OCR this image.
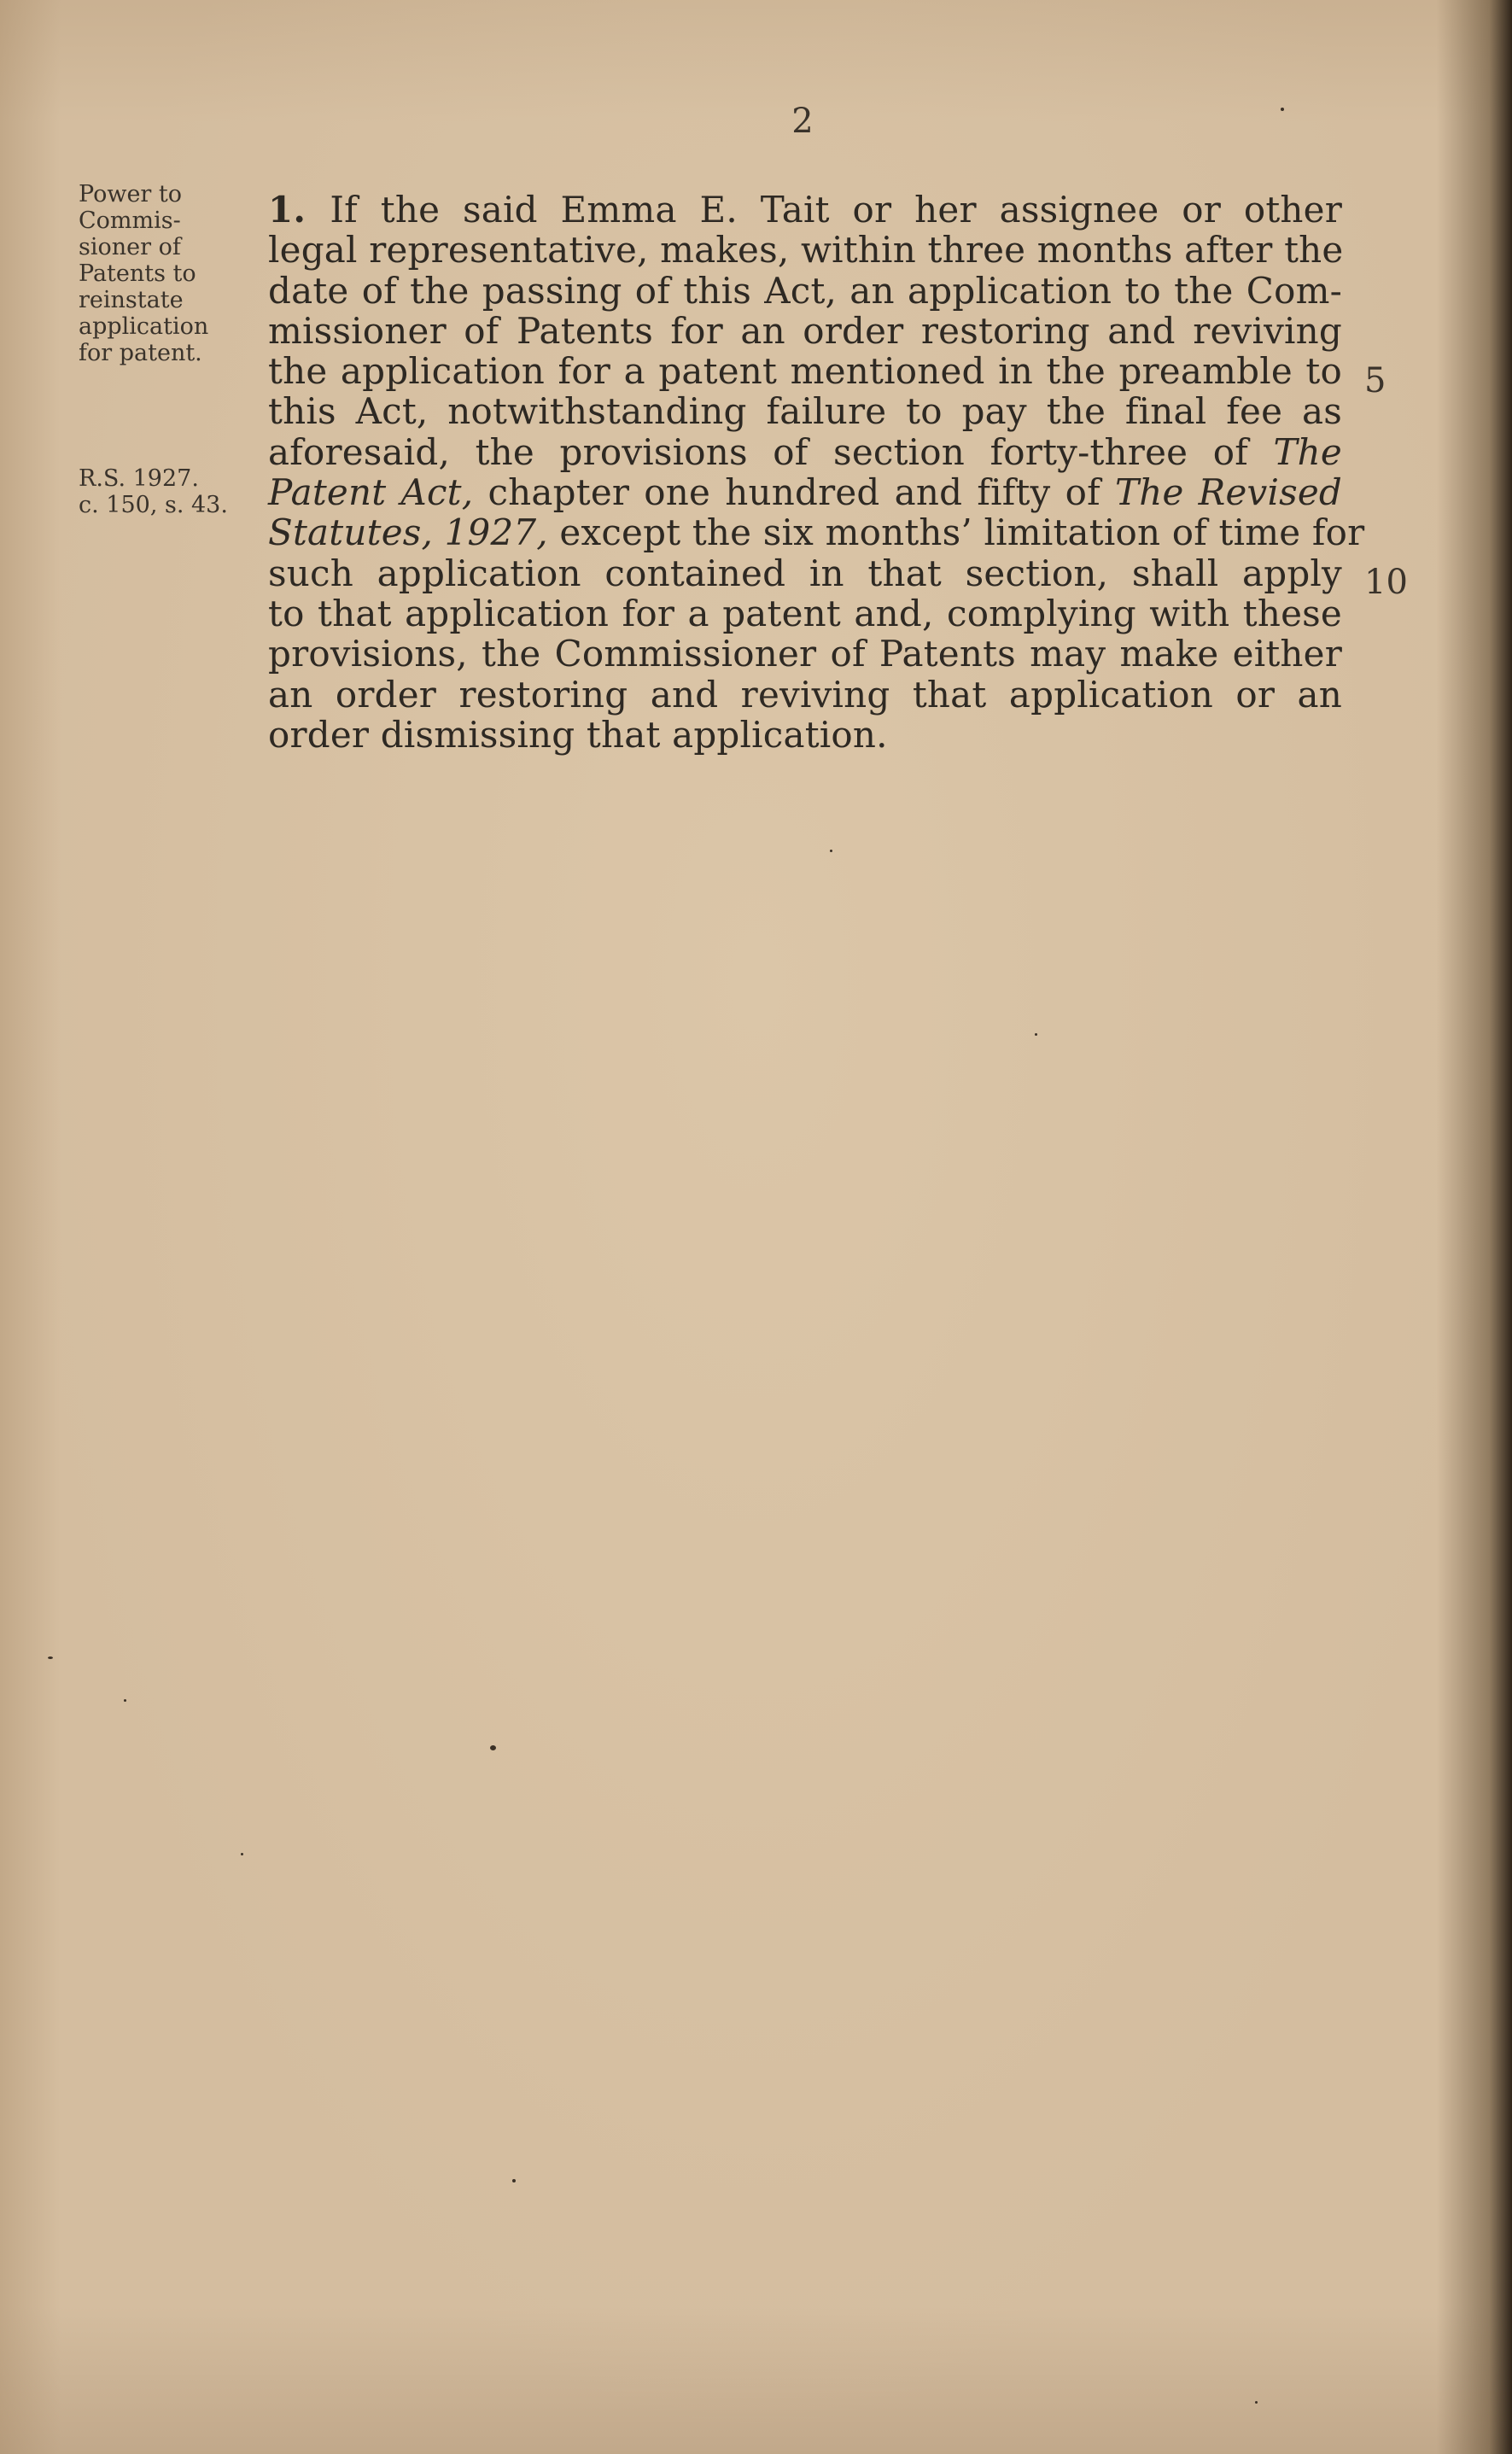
2
Power to
Commis-
sioner of
Patents to
reinstate
application
for patent.
R.S. 1927.
c. 150, s. 43.
1. If the said Emma E. Tait or her assignee or other
legal representative, makes, within three months after the
date of the passing of this Act, an application to the Com-
missioner of Patents for an order restoring and reviving
the application for a patent mentioned in the preamble to
this Act, notwithstanding failure to pay the final fee as
aforesaid, the provisions of section forty-three of The
Patent Act, chapter one hundred and fifty of The Revised
Statutes, 1927, except the six months’ limitation of time for
such application contained in that section, shall apply
to that application for a patent and, complying with these
provisions, the Commissioner of Patents may make either
an order restoring and reviving that application or an
order dismissing that application.
5
10
